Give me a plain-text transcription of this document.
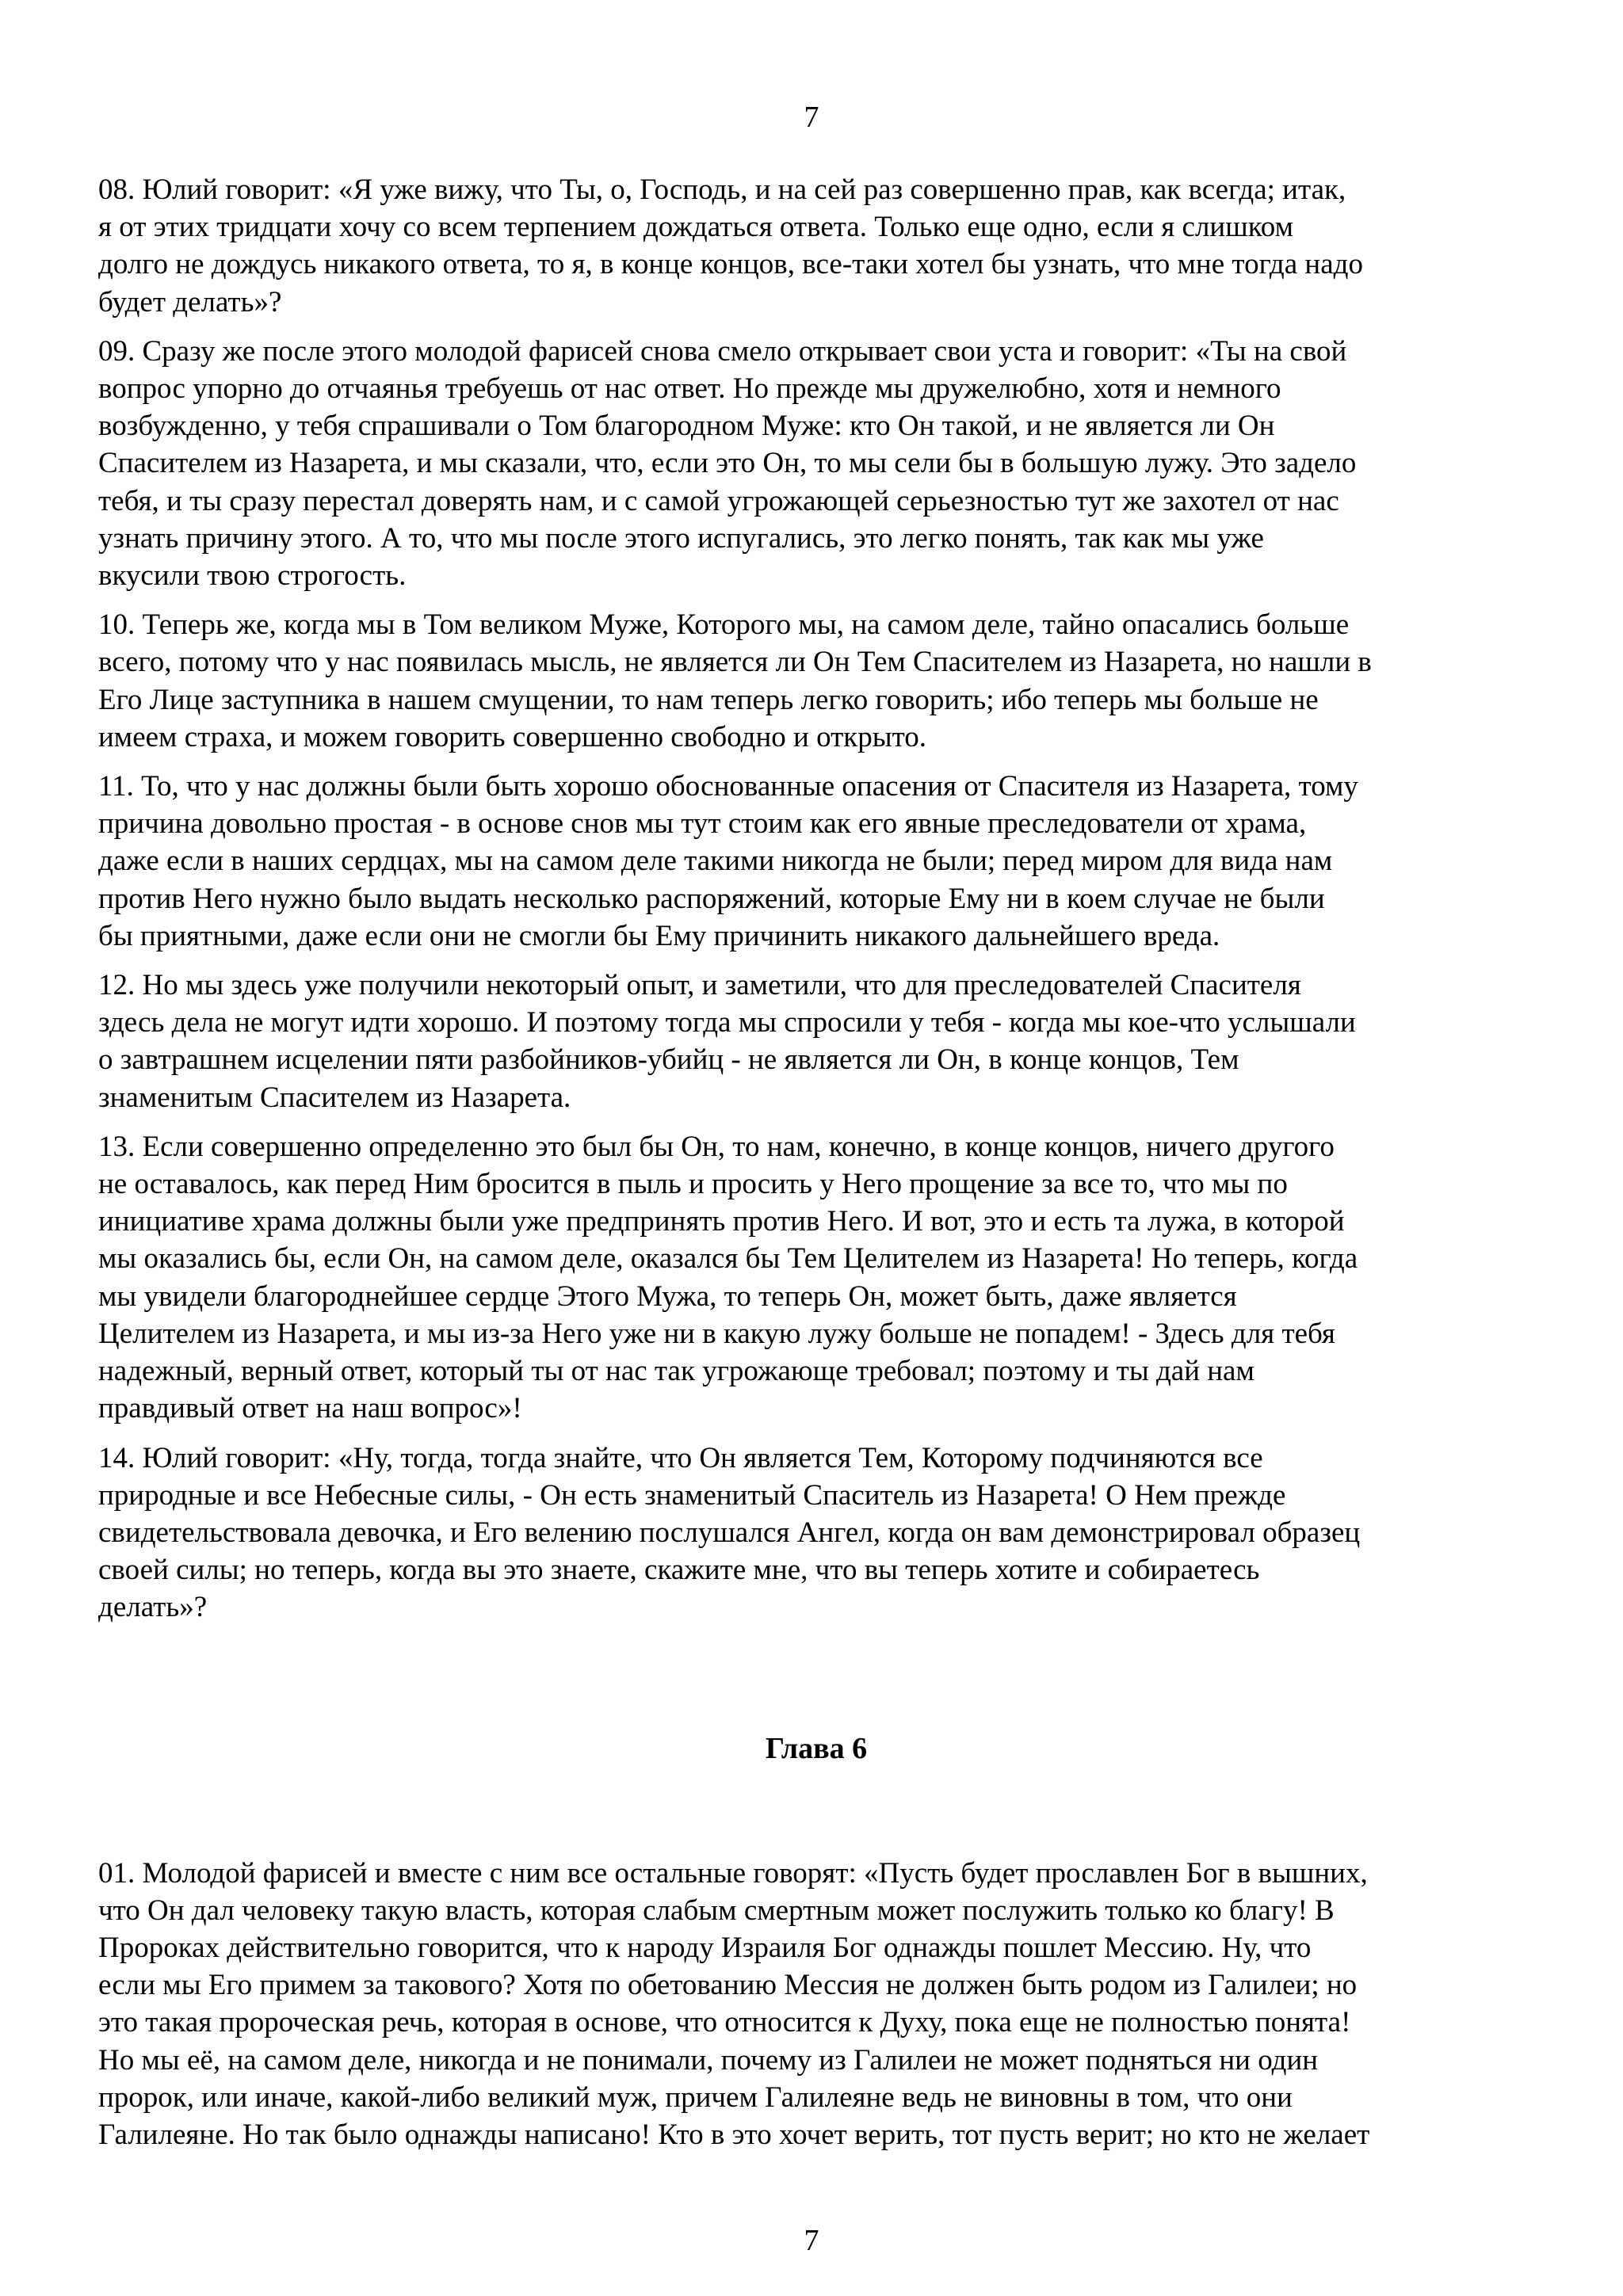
7

08. Юлий говорит: «Я уже вижу, что Ты, о, Господь, и на сей раз совершенно прав, как всегда; итак,
я от этих тридцати хочу со всем терпением дождаться ответа. Только еще одно, если я слишком
долго не дождусь никакого ответа, то я, в конце концов, все-таки хотел бы узнать, что мне тогда надо
будет делать»?

09. Сразу же после этого молодой фарисей снова смело открывает свои уста и говорит: «Ты на свой
вопрос упорно до отчаянья требуешь от нас ответ. Но прежде мы дружелюбно, хотя и немного
возбужденно, у тебя спрашивали о Том благородном Муже: кто Он такой, и не является ли Он
Спасителем из Назарета, и мы сказали, что, если это Он, то мы сели бы в большую лужу. Это задело
тебя, и ты сразу перестал доверять нам, и с самой угрожающей серьезностью тут же захотел от нас
узнать причину этого. А то, что мы после этого испугались, это легко понять, так как мы уже
вкусили твою строгость.

10. Теперь же, когда мы в Том великом Муже, Которого мы, на самом деле, тайно опасались больше
всего, потому что у нас появилась мысль, не является ли Он Тем Спасителем из Назарета, но нашли в
Его Лице заступника в нашем смущении, то нам теперь легко говорить; ибо теперь мы больше не
имеем страха, и можем говорить совершенно свободно и открыто.

11. То, что у нас должны были быть хорошо обоснованные опасения от Спасителя из Назарета, тому
причина довольно простая - в основе снов мы тут стоим как его явные преследователи от храма,
даже если в наших сердцах, мы на самом деле такими никогда не были; перед миром для вида нам
против Него нужно было выдать несколько распоряжений, которые Ему ни в коем случае не были
бы приятными, даже если они не смогли бы Ему причинить никакого дальнейшего вреда.

12. Но мы здесь уже получили некоторый опыт, и заметили, что для преследователей Спасителя
здесь дела не могут идти хорошо. И поэтому тогда мы спросили у тебя - когда мы кое-что услышали
о завтрашнем исцелении пяти разбойников-убийц - не является ли Он, в конце концов, Тем
знаменитым Спасителем из Назарета.

13. Если совершенно определенно это был бы Он, то нам, конечно, в конце концов, ничего другого
не оставалось, как перед Ним бросится в пыль и просить у Него прощение за все то, что мы по
инициативе храма должны были уже предпринять против Него. И вот, это и есть та лужа, в которой
мы оказались бы, если Он, на самом деле, оказался бы Тем Целителем из Назарета! Но теперь, когда
мы увидели благороднейшее сердце Этого Мужа, то теперь Он, может быть, даже является
Целителем из Назарета, и мы из-за Него уже ни в какую лужу больше не попадем! - Здесь для тебя
надежный, верный ответ, который ты от нас так угрожающе требовал; поэтому и ты дай нам
правдивый ответ на наш вопрос»!

14. Юлий говорит: «Ну, тогда, тогда знайте, что Он является Тем, Которому подчиняются все
природные и все Небесные силы, - Он есть знаменитый Спаситель из Назарета! О Нем прежде
свидетельствовала девочка, и Его велению послушался Ангел, когда он вам демонстрировал образец
своей силы; но теперь, когда вы это знаете, скажите мне, что вы теперь хотите и собираетесь
делать»?

Глава 6

01. Молодой фарисей и вместе с ним все остальные говорят: «Пусть будет прославлен Бог в вышних,
что Он дал человеку такую власть, которая слабым смертным может послужить только ко благу! В
Пророках действительно говорится, что к народу Израиля Бог однажды пошлет Мессию. Ну, что
если мы Его примем за такового? Хотя по обетованию Мессия не должен быть родом из Галилеи; но
это такая пророческая речь, которая в основе, что относится к Духу, пока еще не полностью понята!
Но мы её, на самом деле, никогда и не понимали, почему из Галилеи не может подняться ни один
пророк, или иначе, какой-либо великий муж, причем Галилеяне ведь не виновны в том, что они
Галилеяне. Но так было однажды написано! Кто в это хочет верить, тот пусть верит; но кто не желает

7
